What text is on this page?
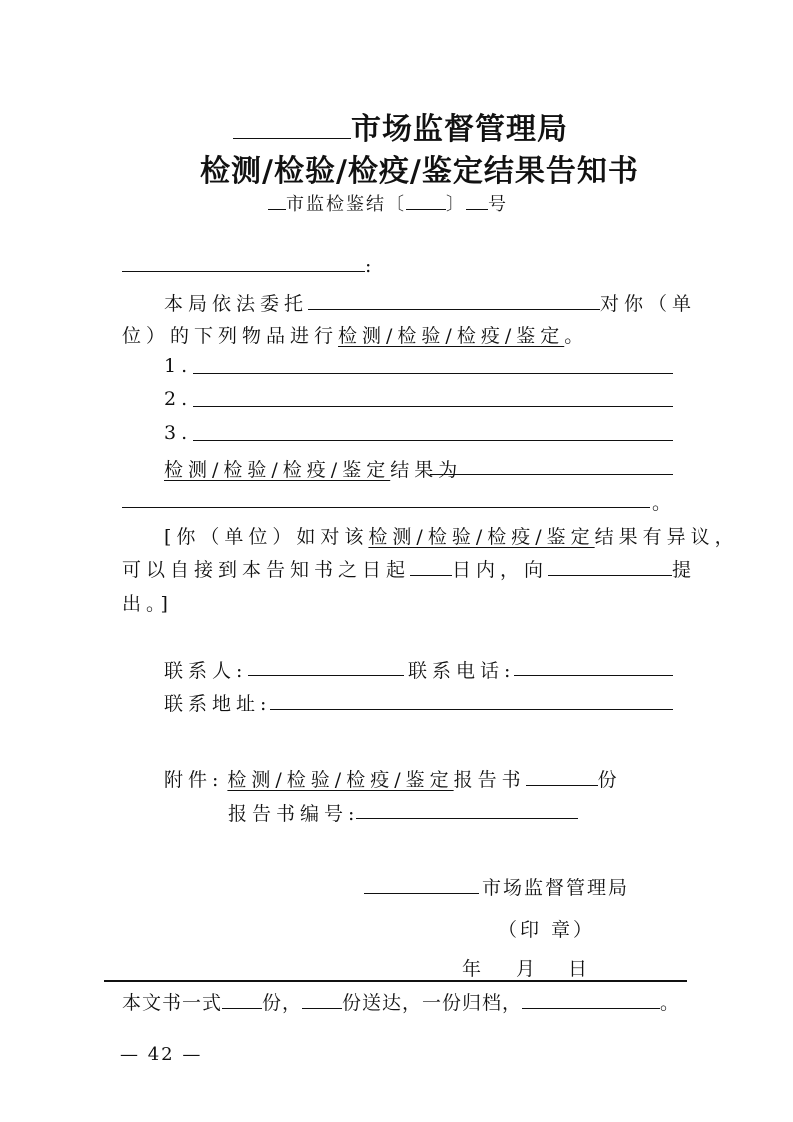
市场监督管理局
检测/检验/检疫/鉴定结果告知书
市监检鉴结〔 〕 号
:
本局依法委托	对你（单
位）的下列物品进行检测/检验/检疫/鉴定。
1.
2.
3.
检测/检验/检疫/鉴定结果为
。
[你（单位）如对该检测/检验/检疫/鉴定结果有异议，
可以自接到本告知书之日起 日内，向	提
出。]
联系人:	联系电话:
联系地址:
附件: 检测/检验/检疫/鉴定报告书	份
报告书编号:
市场监督管理局
（印 章）
年 月 日
本文书一式 份， 份送达，一份归档，	。
— 42 —
